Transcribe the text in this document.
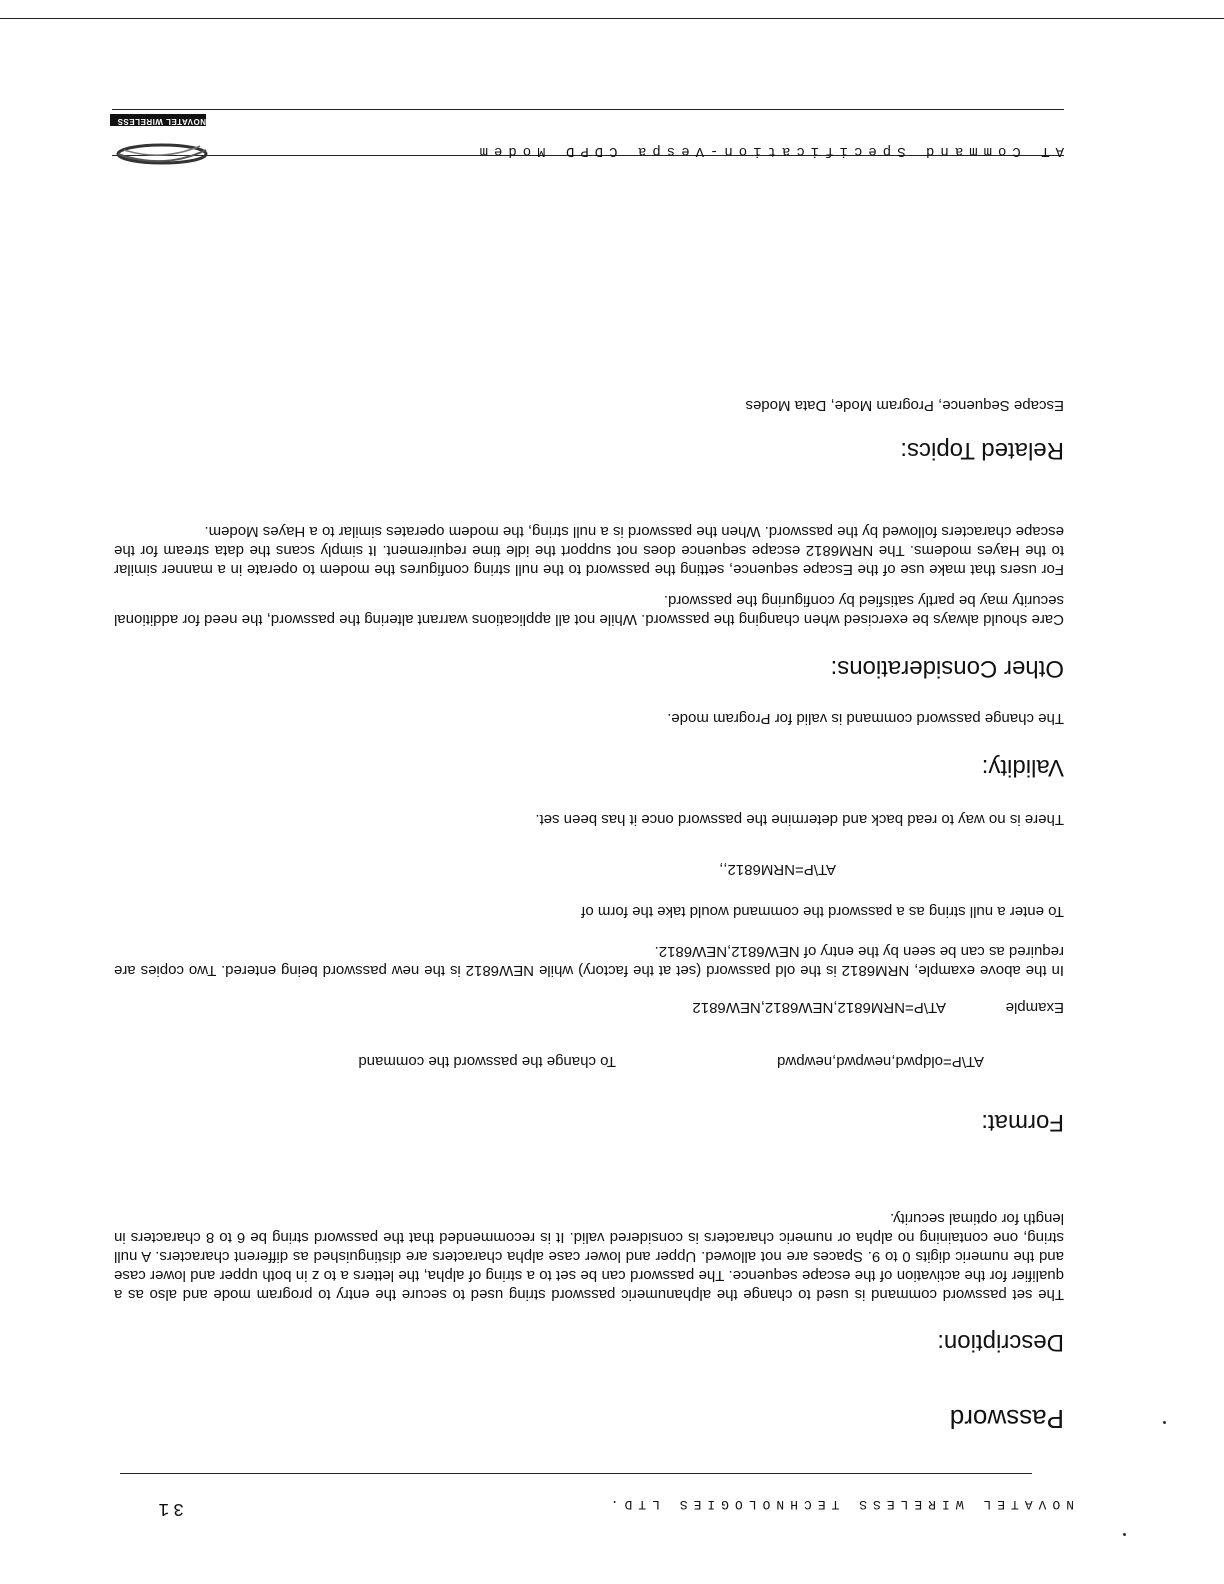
NOVATEL WIRELESS TECHNOLOGIES LTD.
31
Password
Description:
The set password command is used to change the alphanumeric password string used to secure the entry to program mode and also as a qualifier for the activation of the escape sequence. The password can be set to a string of alpha, the letters a to z in both upper and lower case and the numeric digits 0 to 9. Spaces are not allowed. Upper and lower case alpha characters are distinguished as different characters. A null string, one containing no alpha or numeric characters is considered valid. It is recommended that the password string be 6 to 8 characters in length for optimal security.
Format:
AT\P=oldpwd,newpwd,newpwd
To change the password the command
Example
AT\P=NRM6812,NEW6812,NEW6812
In the above example, NRM6812 is the old password (set at the factory) while NEW6812 is the new password being entered. Two copies are required as can be seen by the entry of NEW6812,NEW6812.
To enter a null string as a password the command would take the form of
AT\P=NRM6812,,
There is no way to read back and determine the password once it has been set.
Validity:
The change password command is valid for Program mode.
Other Considerations:
Care should always be exercised when changing the password. While not all applications warrant altering the password, the need for additional security may be partly satisfied by configuring the password.
For users that make use of the Escape sequence, setting the password to the null string configures the modem to operate in a manner similar to the Hayes modems. The NRM6812 escape sequence does not support the idle time requirement. It simply scans the data stream for the escape characters followed by the password. When the password is a null string, the modem operates similar to a Hayes Modem.
Related Topics:
Escape Sequence, Program Mode, Data Modes
AT Command Specification-Vespa CDPD Modem
NOVATEL WIRELESS
